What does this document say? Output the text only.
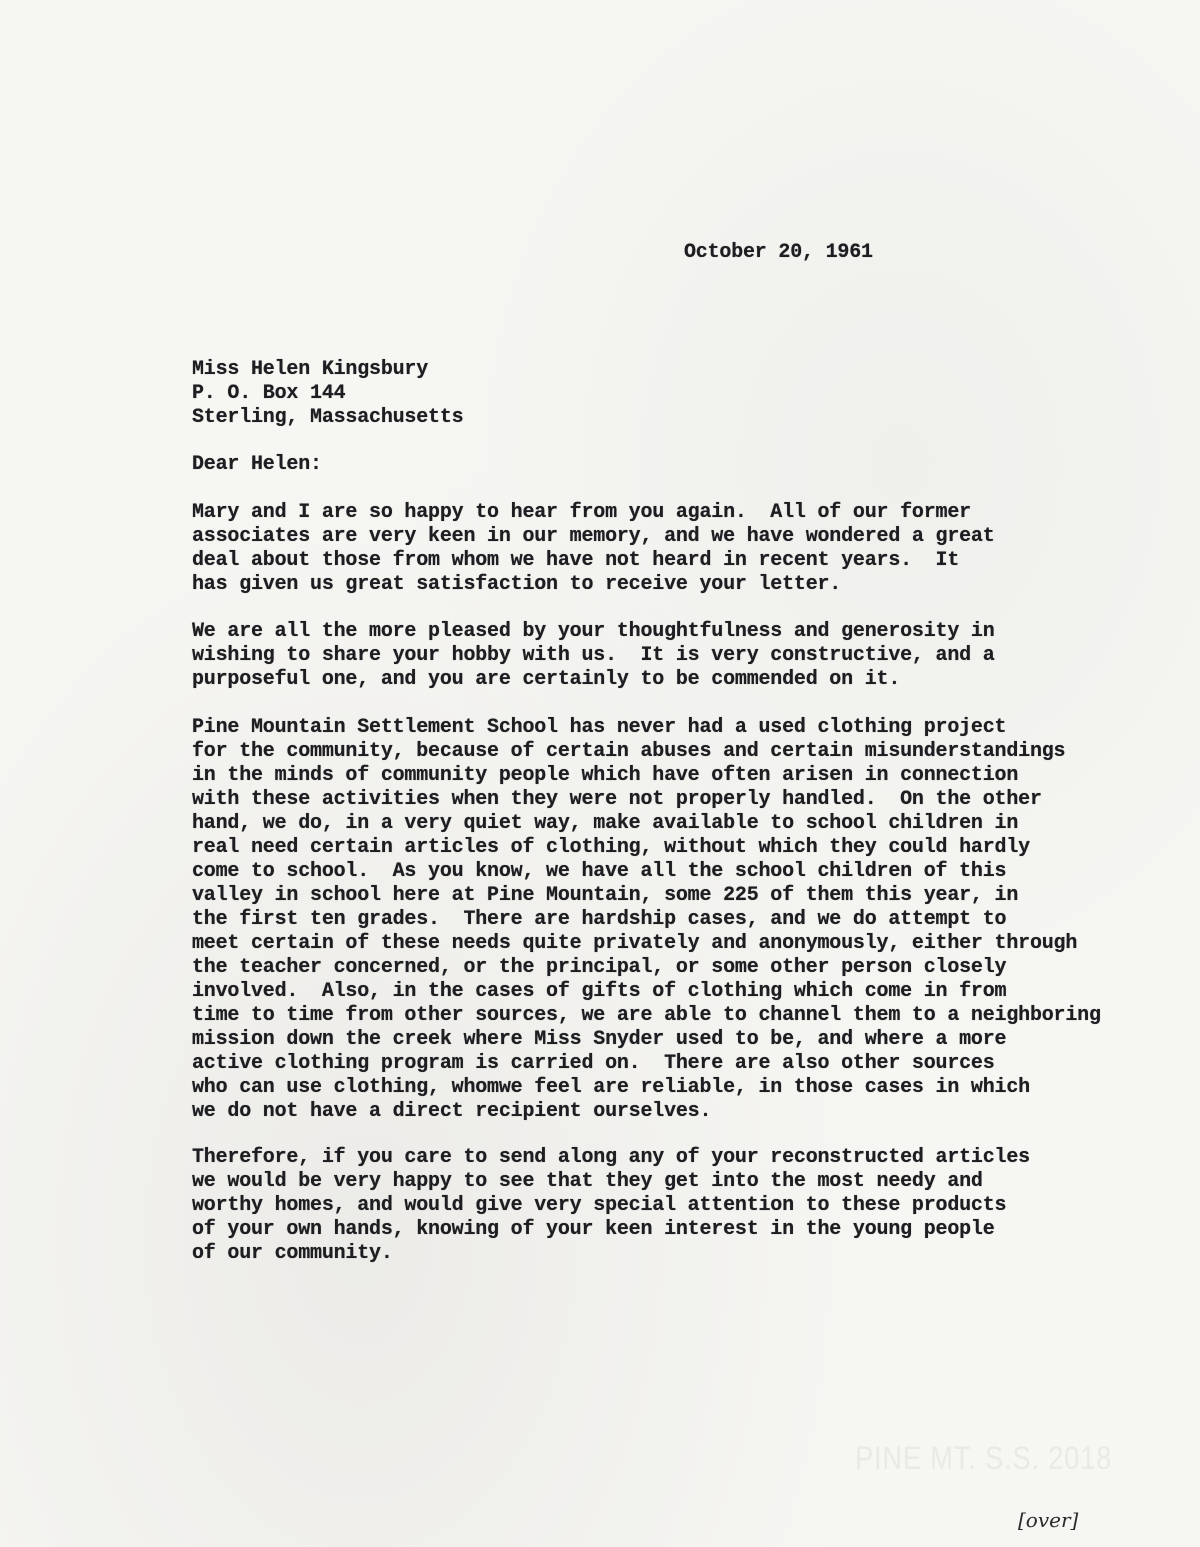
October 20, 1961
Miss Helen Kingsbury
P. O. Box 144
Sterling, Massachusetts
Dear Helen:
Mary and I are so happy to hear from you again.  All of our former
associates are very keen in our memory, and we have wondered a great
deal about those from whom we have not heard in recent years.  It
has given us great satisfaction to receive your letter.
We are all the more pleased by your thoughtfulness and generosity in
wishing to share your hobby with us.  It is very constructive, and a
purposeful one, and you are certainly to be commended on it.
Pine Mountain Settlement School has never had a used clothing project
for the community, because of certain abuses and certain misunderstandings
in the minds of community people which have often arisen in connection
with these activities when they were not properly handled.  On the other
hand, we do, in a very quiet way, make available to school children in
real need certain articles of clothing, without which they could hardly
come to school.  As you know, we have all the school children of this
valley in school here at Pine Mountain, some 225 of them this year, in
the first ten grades.  There are hardship cases, and we do attempt to
meet certain of these needs quite privately and anonymously, either through
the teacher concerned, or the principal, or some other person closely
involved.  Also, in the cases of gifts of clothing which come in from
time to time from other sources, we are able to channel them to a neighboring
mission down the creek where Miss Snyder used to be, and where a more
active clothing program is carried on.  There are also other sources
who can use clothing, whomwe feel are reliable, in those cases in which
we do not have a direct recipient ourselves.
Therefore, if you care to send along any of your reconstructed articles
we would be very happy to see that they get into the most needy and
worthy homes, and would give very special attention to these products
of your own hands, knowing of your keen interest in the young people
of our community.
PINE MT. S.S. 2018
[over]
